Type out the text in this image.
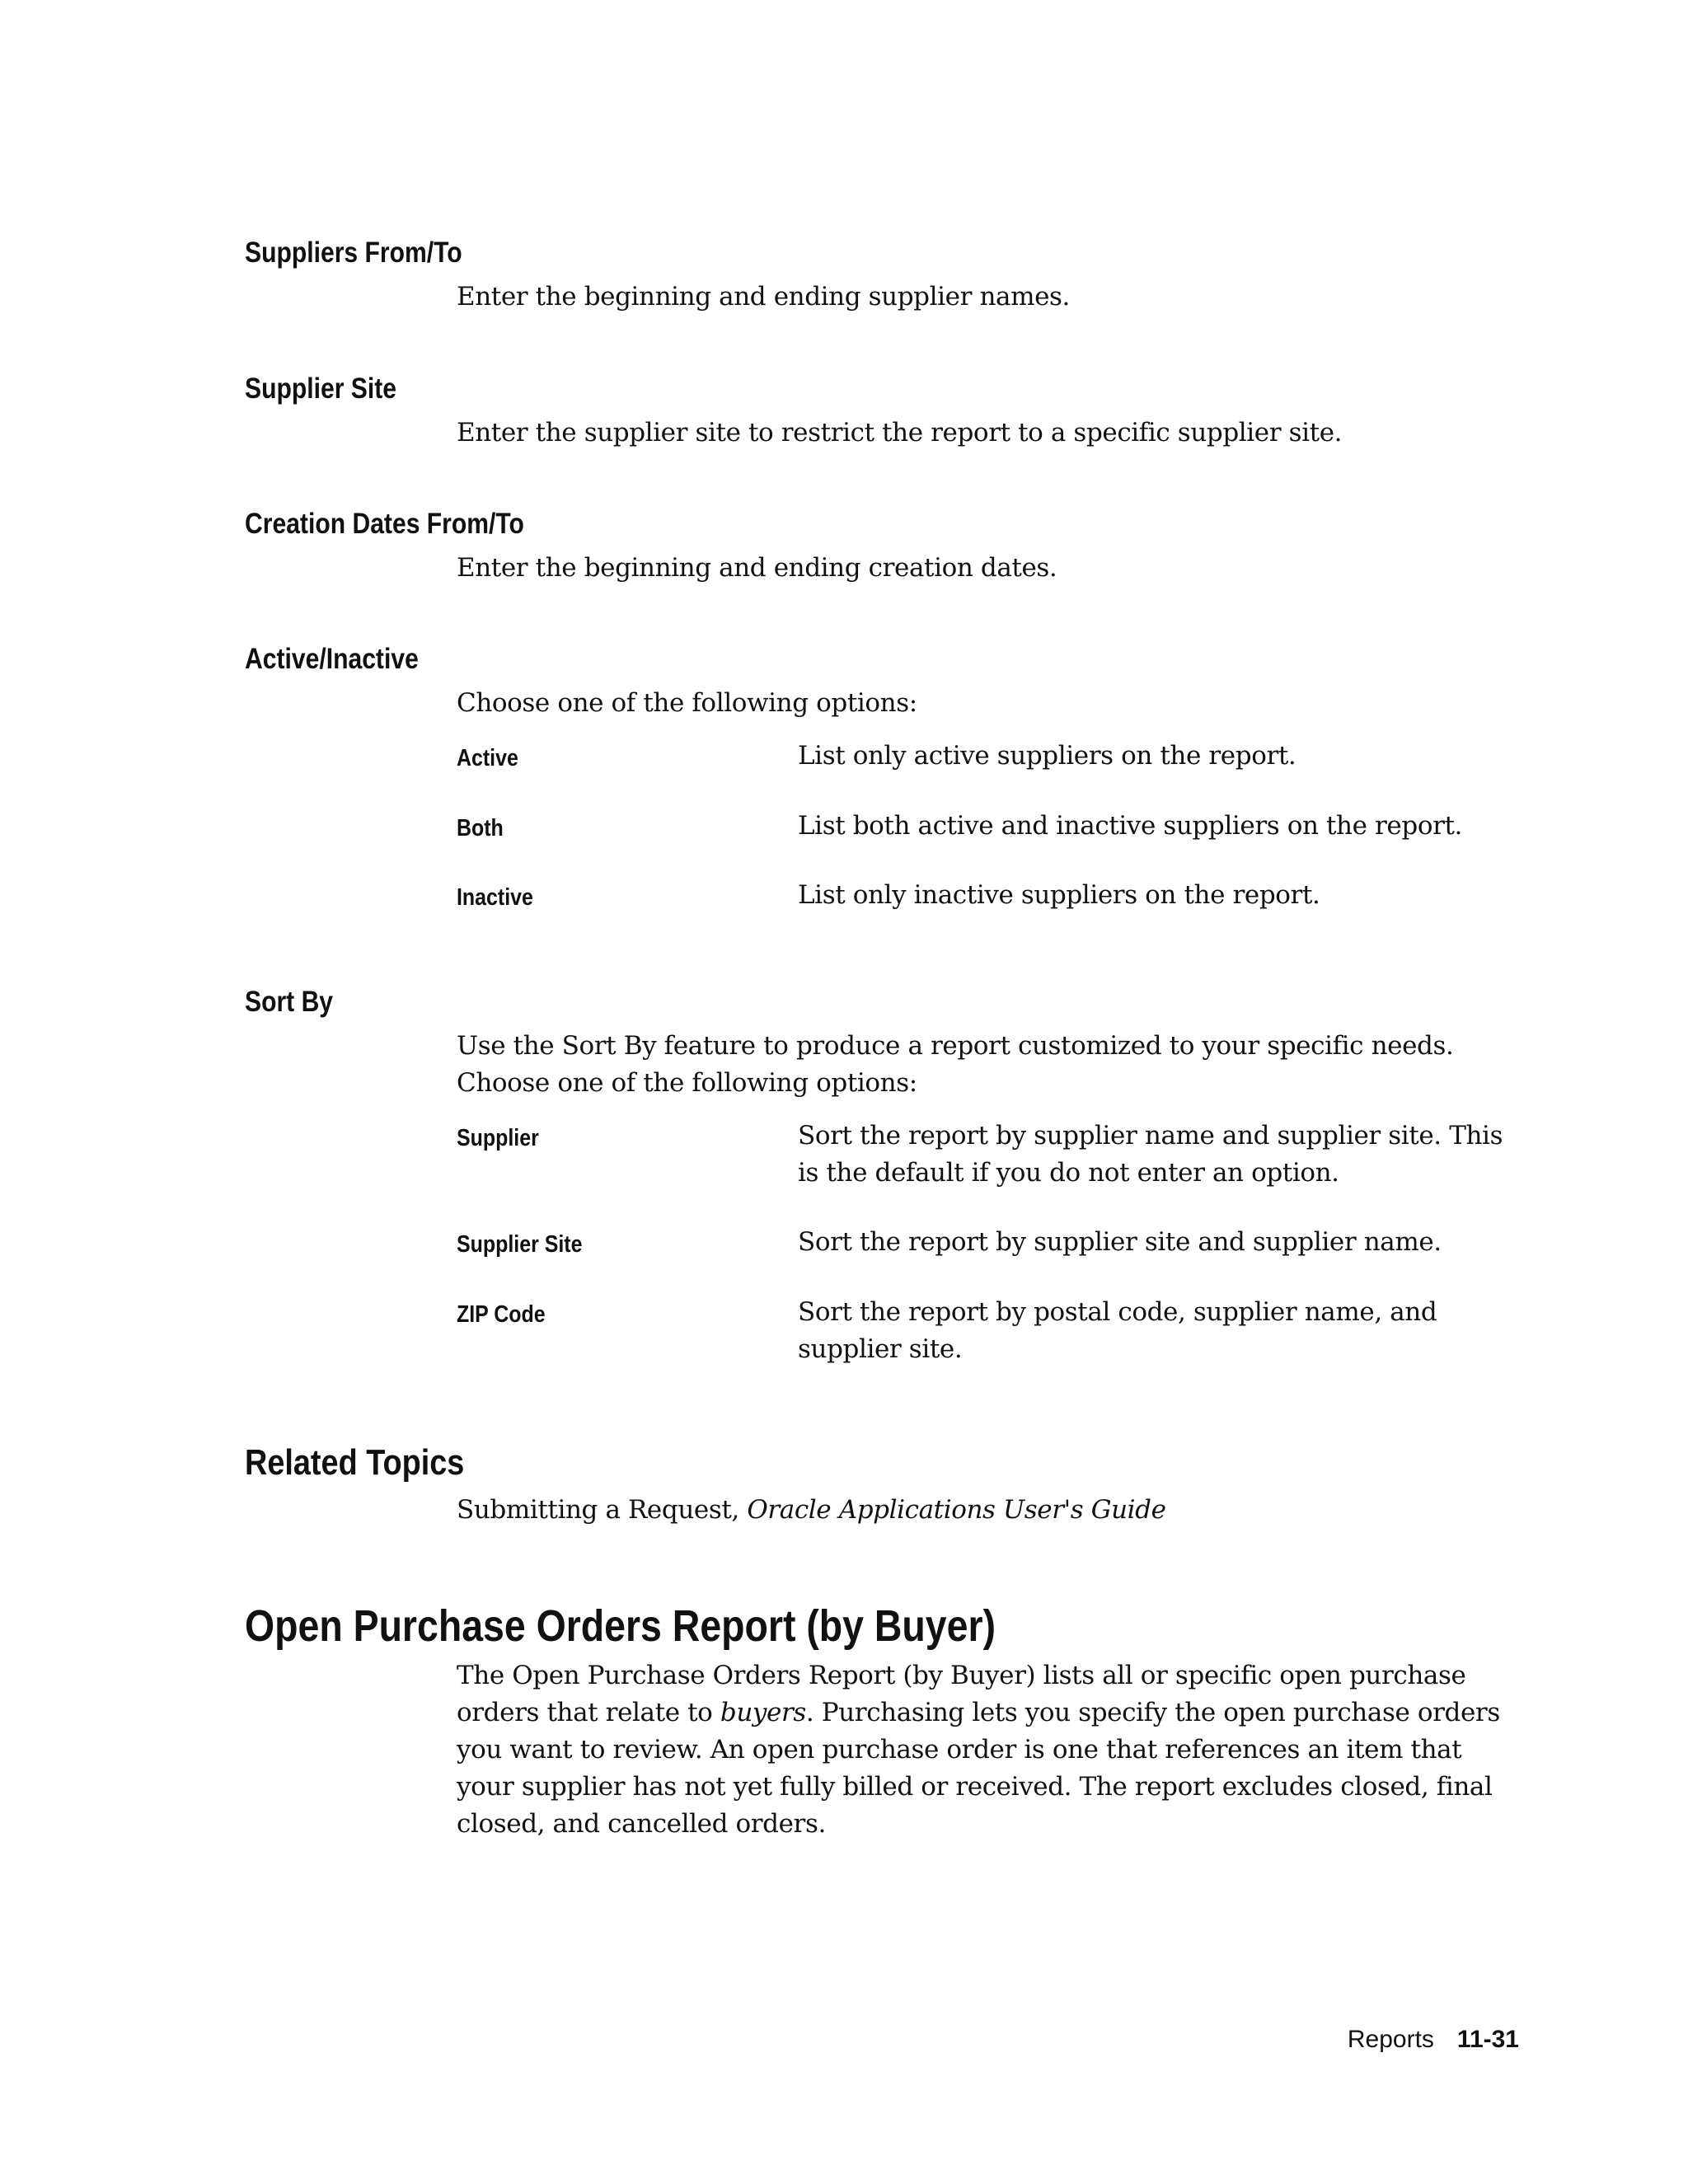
Suppliers From/To

Enter the beginning and ending supplier names.

Supplier Site

Enter the supplier site to restrict the report to a specific supplier site.

Creation Dates From/To

Enter the beginning and ending creation dates.

Active/Inactive

Choose one of the following options:

Active	List only active suppliers on the report.

Both	List both active and inactive suppliers on the report.

Inactive	List only inactive suppliers on the report.

Sort By

Use the Sort By feature to produce a report customized to your specific needs. Choose one of the following options:

Supplier	Sort the report by supplier name and supplier site. This is the default if you do not enter an option.

Supplier Site	Sort the report by supplier site and supplier name.

ZIP Code	Sort the report by postal code, supplier name, and supplier site.

Related Topics

Submitting a Request, Oracle Applications User's Guide

Open Purchase Orders Report (by Buyer)

The Open Purchase Orders Report (by Buyer) lists all or specific open purchase orders that relate to buyers. Purchasing lets you specify the open purchase orders you want to review. An open purchase order is one that references an item that your supplier has not yet fully billed or received. The report excludes closed, final closed, and cancelled orders.

Reports 11-31
